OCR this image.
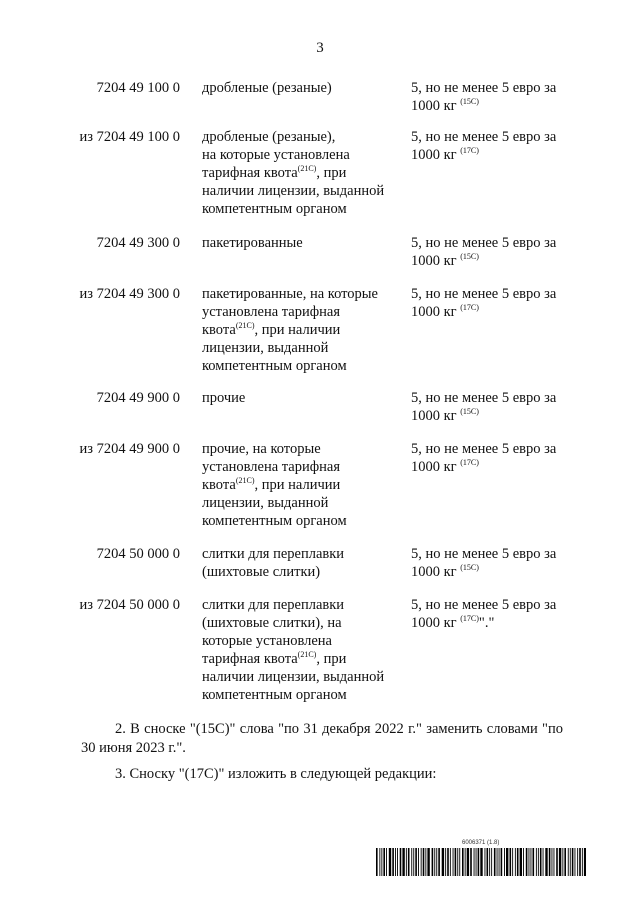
3
7204 49 100 0 дробленые (резаные)	5, но не менее 5 евро за
1000 кг $^{(15С)}$
из 7204 49 100 0 дробленые (резаные),
на которые установлена
тарифная квота$^{(21С)}$, при
наличии лицензии, выданной
компетентным органом
5, но не менее 5 евро за
1000 кг $^{(17С)}$
7204 49 300 0 пакетированные	5, но не менее 5 евро за
1000 кг $^{(15С)}$
из 7204 49 300 0 пакетированные, на которые
установлена тарифная
квота$^{(21С)}$, при наличии
лицензии, выданной
компетентным органом
5, но не менее 5 евро за
1000 кг $^{(17С)}$
7204 49 900 0 прочие	5, но не менее 5 евро за
1000 кг $^{(15С)}$
из 7204 49 900 0 прочие, на которые
установлена тарифная
квота$^{(21С)}$, при наличии
лицензии, выданной
компетентным органом
5, но не менее 5 евро за
1000 кг $^{(17С)}$
7204 50 000 0 слитки для переплавки
(шихтовые слитки)
5, но не менее 5 евро за
1000 кг $^{(15С)}$
из 7204 50 000 0 слитки для переплавки
(шихтовые слитки), на
которые установлена
тарифная квота$^{(21С)}$, при
наличии лицензии, выданной
компетентным органом
5, но не менее 5 евро за
1000 кг $^{(17С)}$"."
2. В сноске "(15С)" слова "по 31 декабря 2022 г." заменить словами "по 30 июня 2023 г.".
3. Сноску "(17С)" изложить в следующей редакции:
6006371 (1.8)
